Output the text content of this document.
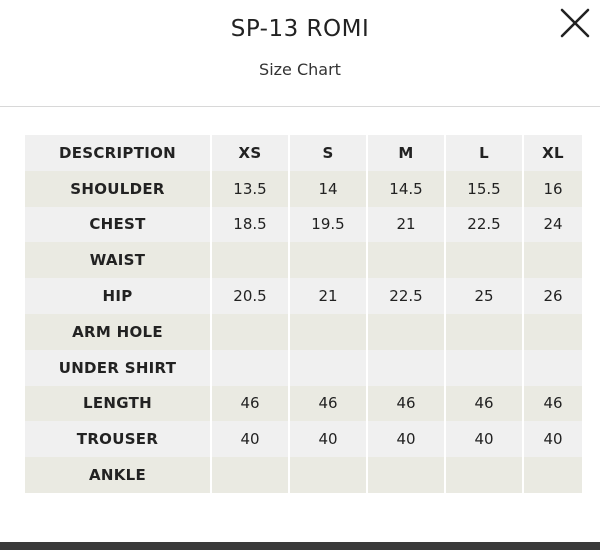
SP-13 ROMI
Size Chart
DESCRIPTION	XS	S	M	L	XL
SHOULDER	13.5	14	14.5	15.5	16
CHEST	18.5	19.5	21	22.5	24
WAIST					
HIP	20.5	21	22.5	25	26
ARM HOLE					
UNDER SHIRT					
LENGTH	46	46	46	46	46
TROUSER	40	40	40	40	40
ANKLE					
